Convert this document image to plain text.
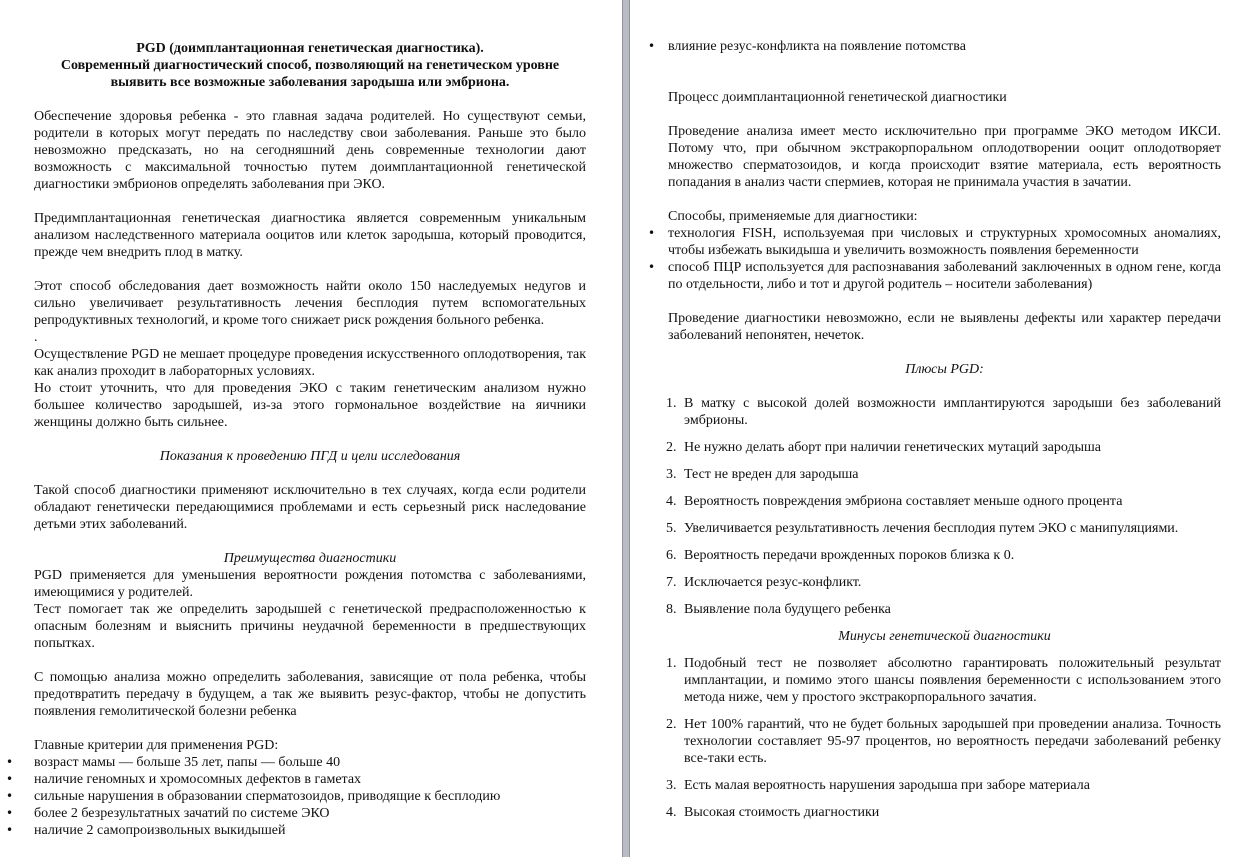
PGD (доимплантационная генетическая диагностика).

Современный диагностический способ, позволяющий на генетическом уровне

выявить все возможные заболевания зародыша или эмбриона.

Обеспечение здоровья ребенка - это главная задача родителей. Но существуют семьи, родители в которых могут передать по наследству свои заболевания. Раньше это было невозможно предсказать, но на сегодняшний день современные технологии дают возможность с максимальной точностью путем доимплантационной генетической диагностики эмбрионов определять заболевания при ЭКО.

Предимплантационная генетическая диагностика является современным уникальным анализом наследственного материала ооцитов или клеток зародыша, который проводится, прежде чем внедрить плод в матку.

Этот способ обследования дает возможность найти около 150 наследуемых недугов и сильно увеличивает результативность лечения бесплодия путем вспомогательных репродуктивных технологий, и кроме того снижает риск рождения больного ребенка.

.

Осуществление PGD не мешает процедуре проведения искусственного оплодотворения, так как анализ проходит в лабораторных условиях.

Но стоит уточнить, что для проведения ЭКО с таким генетическим анализом нужно большее количество зародышей, из-за этого гормональное воздействие на яичники женщины должно быть сильнее.

Показания к проведению ПГД и цели исследования

Такой способ диагностики применяют исключительно в тех случаях, когда если родители обладают генетически передающимися проблемами и есть серьезный риск наследование детьми этих заболеваний.

Преимущества диагностики

PGD применяется для уменьшения вероятности рождения потомства с заболеваниями, имеющимися у родителей.

Тест помогает так же определить зародышей с генетической предрасположенностью к опасным болезням и выяснить причины неудачной беременности в предшествующих попытках.

С помощью анализа можно определить заболевания, зависящие от пола ребенка, чтобы предотвратить передачу в будущем, а так же выявить резус-фактор, чтобы не допустить появления гемолитической болезни ребенка

Главные критерии для применения PGD:

• возраст мамы — больше 35 лет, папы — больше 40
• наличие геномных и хромосомных дефектов в гаметах
• сильные нарушения в образовании сперматозоидов, приводящие к бесплодию
• более 2 безрезультатных зачатий по системе ЭКО
• наличие 2 самопроизвольных выкидышей
• влияние резус-конфликта на появление потомства

Процесс доимплантационной генетической диагностики

Проведение анализа имеет место исключительно при программе ЭКО методом ИКСИ. Потому что, при обычном экстракорпоральном оплодотворении ооцит оплодотворяет множество сперматозоидов, и когда происходит взятие материала, есть вероятность попадания в анализ части спермиев, которая не принимала участия в зачатии.

Способы, применяемые для диагностики:

• технология FISH, используемая при числовых и структурных хромосомных аномалиях, чтобы избежать выкидыша и увеличить возможность появления беременности
• способ ПЦР используется для распознавания заболеваний заключенных в одном гене, когда по отдельности, либо и тот и другой родитель – носители заболевания)

Проведение диагностики невозможно, если не выявлены дефекты или характер передачи заболеваний непонятен, нечеток.

Плюсы PGD:

1. В матку с высокой долей возможности имплантируются зародыши без заболеваний эмбрионы.
2. Не нужно делать аборт при наличии генетических мутаций зародыша
3. Тест не вреден для зародыша
4. Вероятность повреждения эмбриона составляет меньше одного процента
5. Увеличивается результативность лечения бесплодия путем ЭКО с манипуляциями.
6. Вероятность передачи врожденных пороков близка к 0.
7. Исключается резус-конфликт.
8. Выявление пола будущего ребенка

Минусы генетической диагностики

1. Подобный тест не позволяет абсолютно гарантировать положительный результат имплантации, и помимо этого шансы появления беременности с использованием этого метода ниже, чем у простого экстракорпорального зачатия.
2. Нет 100% гарантий, что не будет больных зародышей при проведении анализа. Точность технологии составляет 95-97 процентов, но вероятность передачи заболеваний ребенку все-таки есть.
3. Есть малая вероятность нарушения зародыша при заборе материала
4. Высокая стоимость диагностики
